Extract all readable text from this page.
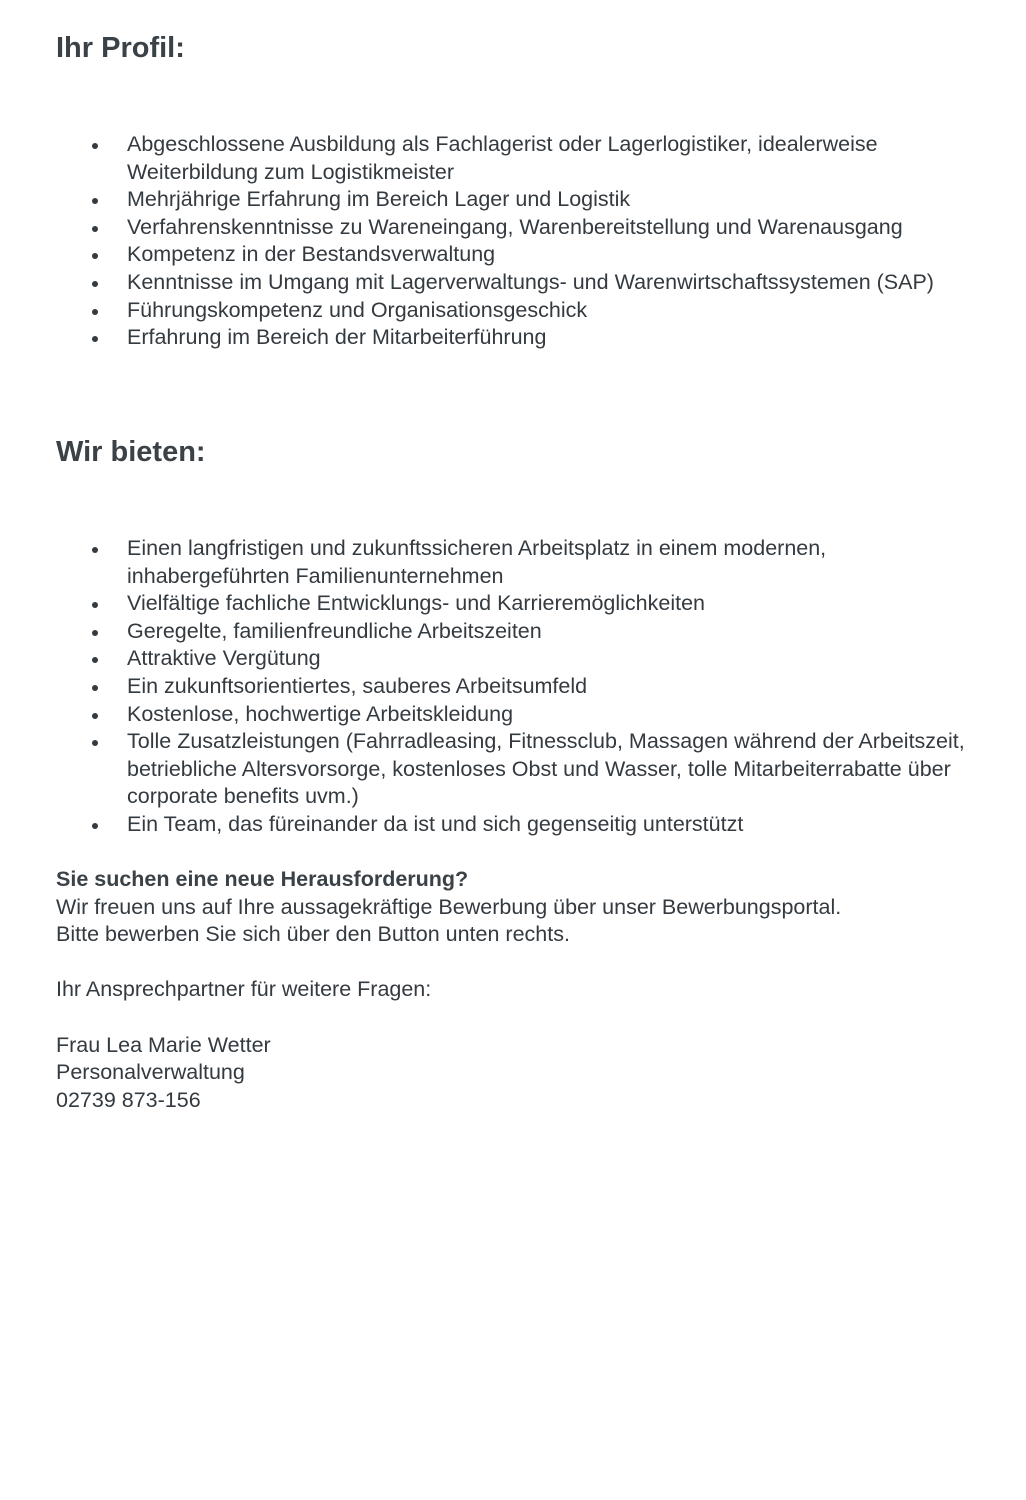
Ihr Profil:
Abgeschlossene Ausbildung als Fachlagerist oder Lagerlogistiker, idealerweise Weiterbildung zum Logistikmeister
Mehrjährige Erfahrung im Bereich Lager und Logistik
Verfahrenskenntnisse zu Wareneingang, Warenbereitstellung und Warenausgang
Kompetenz in der Bestandsverwaltung
Kenntnisse im Umgang mit Lagerverwaltungs- und Warenwirtschaftssystemen (SAP)
Führungskompetenz und Organisationsgeschick
Erfahrung im Bereich der Mitarbeiterführung
Wir bieten:
Einen langfristigen und zukunftssicheren Arbeitsplatz in einem modernen, inhabergeführten Familienunternehmen
Vielfältige fachliche Entwicklungs- und Karrieremöglichkeiten
Geregelte, familienfreundliche Arbeitszeiten
Attraktive Vergütung
Ein zukunftsorientiertes, sauberes Arbeitsumfeld
Kostenlose, hochwertige Arbeitskleidung
Tolle Zusatzleistungen (Fahrradleasing, Fitnessclub, Massagen während der Arbeitszeit, betriebliche Altersvorsorge, kostenloses Obst und Wasser, tolle Mitarbeiterrabatte über corporate benefits uvm.)
Ein Team, das füreinander da ist und sich gegenseitig unterstützt
Sie suchen eine neue Herausforderung?
Wir freuen uns auf Ihre aussagekräftige Bewerbung über unser Bewerbungsportal.
Bitte bewerben Sie sich über den Button unten rechts.
Ihr Ansprechpartner für weitere Fragen:
Frau Lea Marie Wetter
Personalverwaltung
02739 873-156
